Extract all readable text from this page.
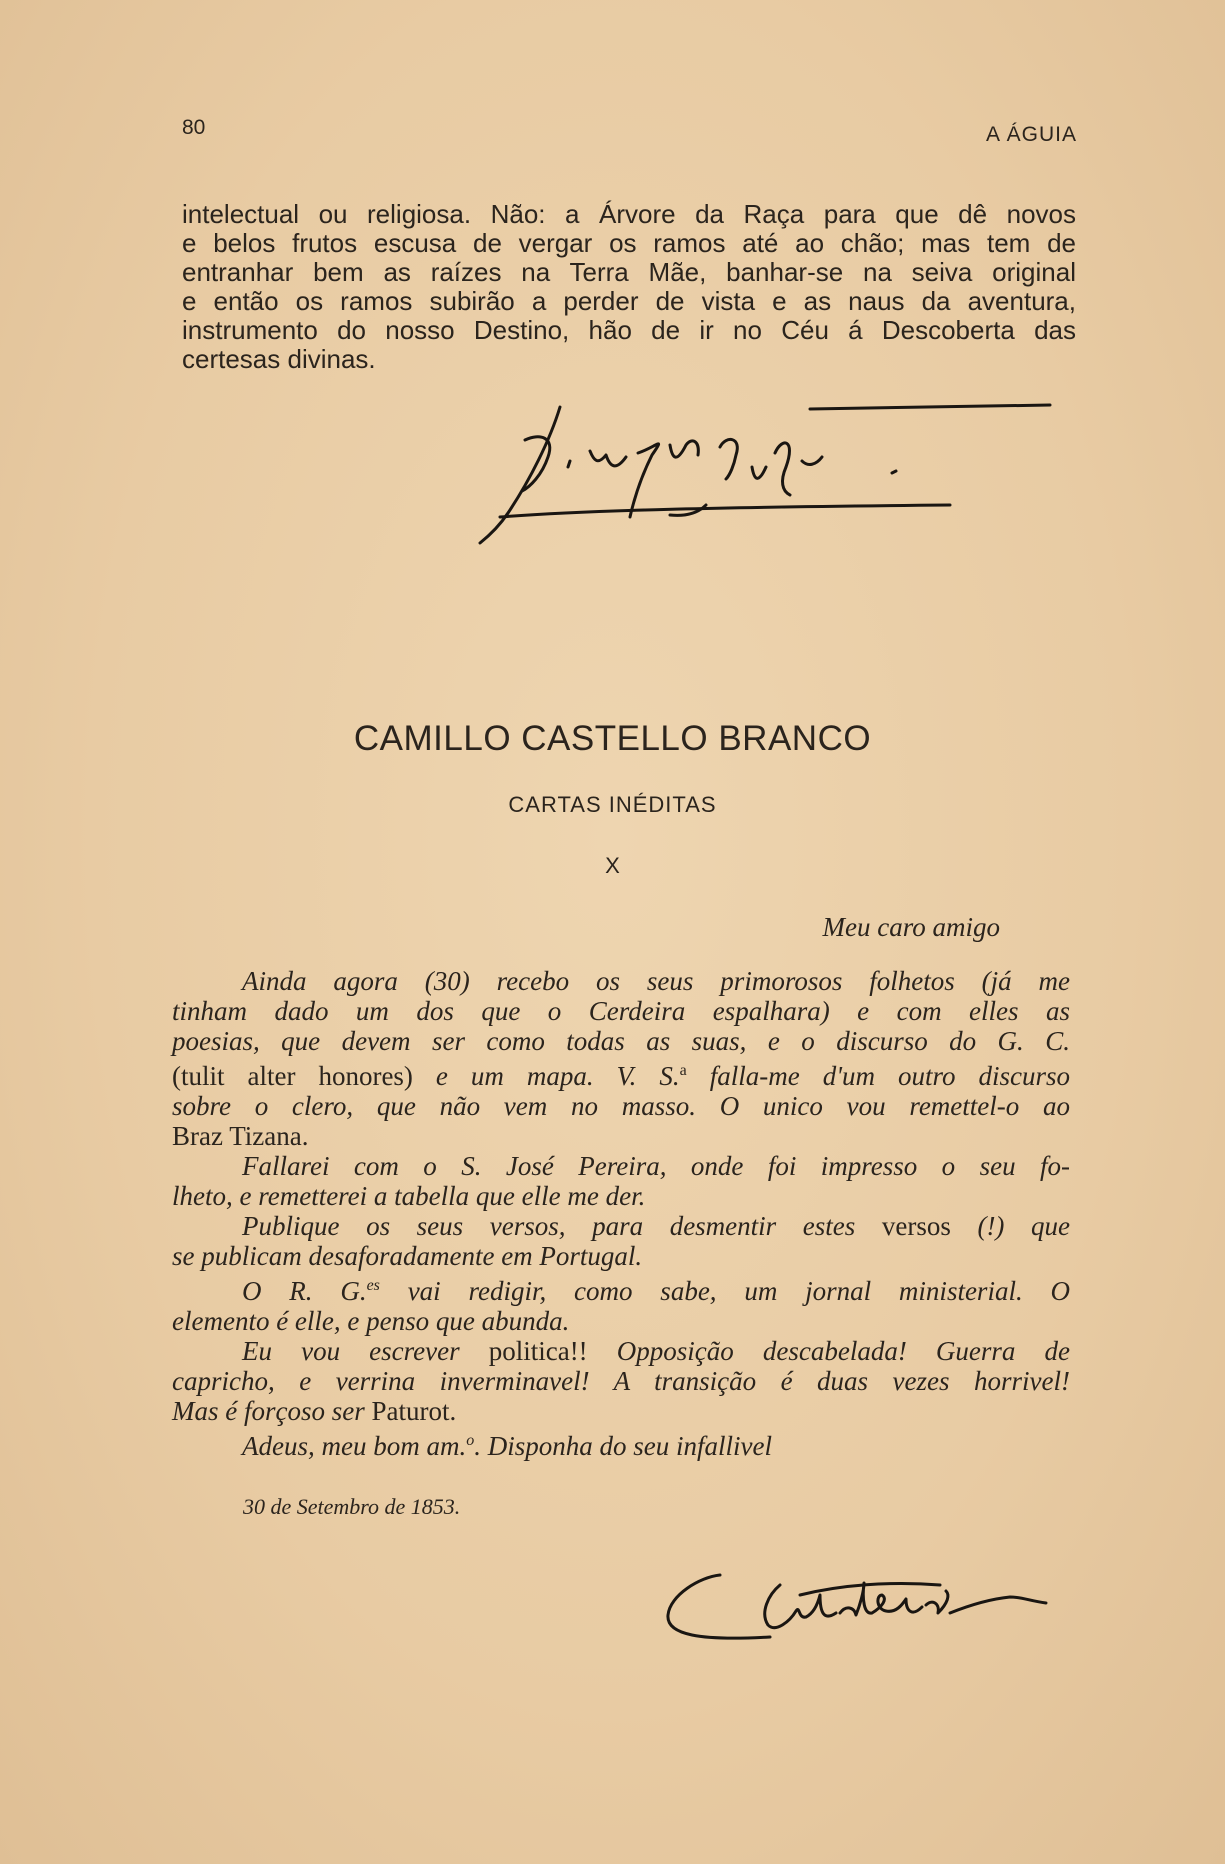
80	A ÁGUIA
intelectual ou religiosa. Não: a Árvore da Raça para que dê novos
e belos frutos escusa de vergar os ramos até ao chão; mas tem de
entranhar bem as raízes na Terra Mãe, banhar-se na seiva original
e então os ramos subirão a perder de vista e as naus da aventura,
instrumento do nosso Destino, hão de ir no Céu á Descoberta das
certesas divinas.
CAMILLO CASTELLO BRANCO
CARTAS INÉDITAS
X
Meu caro amigo

Ainda agora (30) recebo os seus primorosos folhetos (já me
tinham dado um dos que o Cerdeira espalhara) e com elles as
poesias, que devem ser como todas as suas, e o discurso do G. C.
(tulit alter honores) e um mapa. V. S.$^a$ falla-me d'um outro discurso
sobre o clero, que não vem no masso. O unico vou remettel-o ao
Braz Tizana.

Fallarei com o S. José Pereira, onde foi impresso o seu fo-
lheto, e remetterei a tabella que elle me der.

Publique os seus versos, para desmentir estes versos (!) que
se publicam desaforadamente em Portugal.

O R. G.$^{es}$ vai redigir, como sabe, um jornal ministerial. O
elemento é elle, e penso que abunda.

Eu vou escrever politica!! Opposição descabelada! Guerra de
capricho, e verrina inverminavel! A transição é duas vezes horrivel!
Mas é forçoso ser Paturot.

Adeus, meu bom am.$^o$. Disponha do seu infallivel

30 de Setembro de 1853.
